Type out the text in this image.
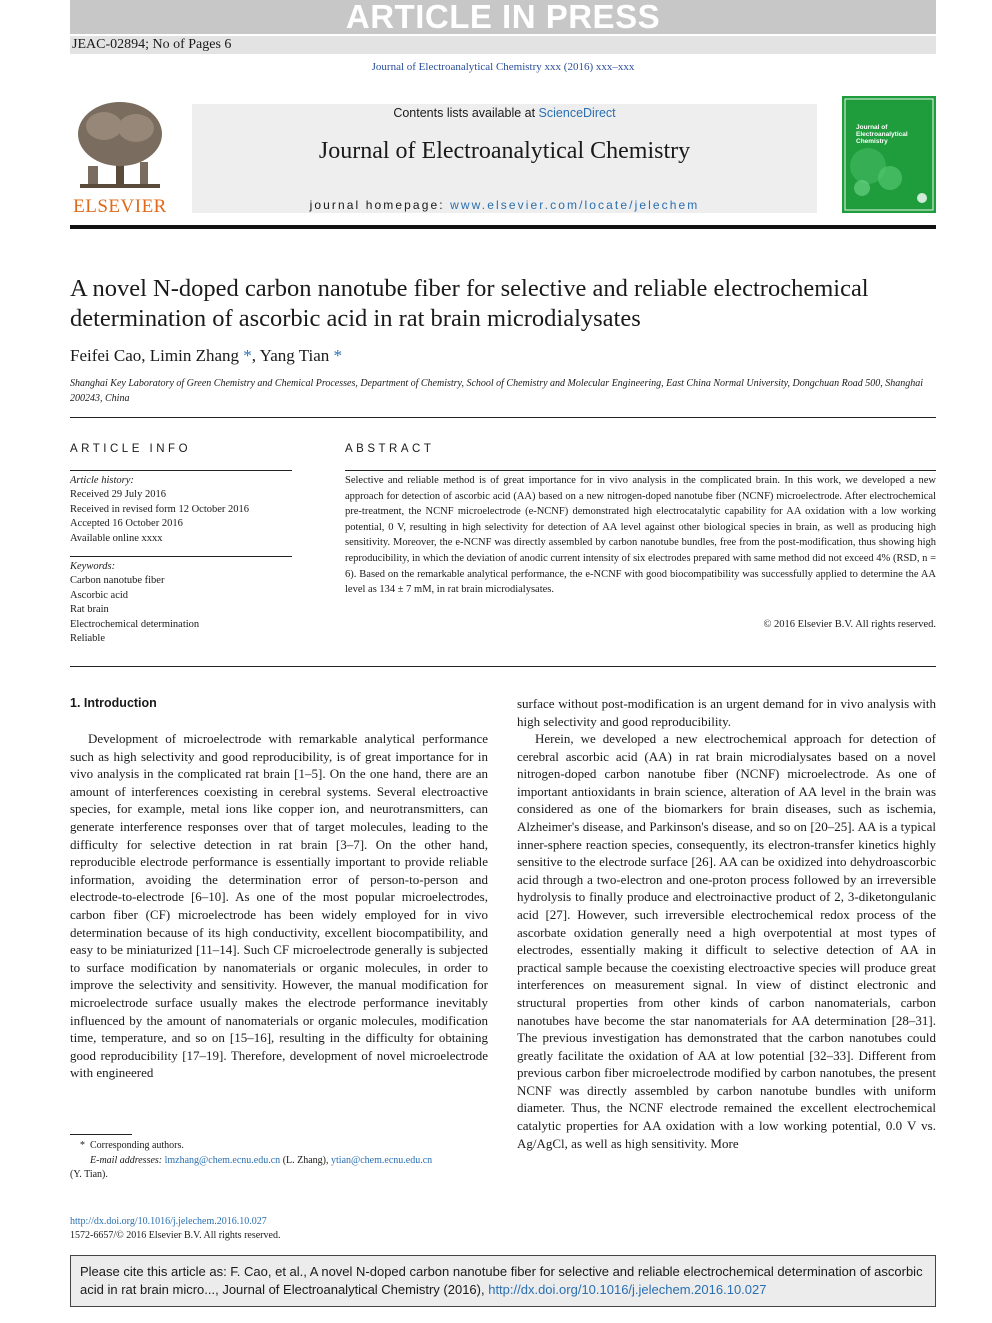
ARTICLE IN PRESS
JEAC-02894; No of Pages 6
Journal of Electroanalytical Chemistry xxx (2016) xxx–xxx
ELSEVIER
Contents lists available at ScienceDirect
Journal of Electroanalytical Chemistry
journal homepage: www.elsevier.com/locate/jelechem
Journal of Electroanalytical Chemistry
A novel N-doped carbon nanotube fiber for selective and reliable electrochemical determination of ascorbic acid in rat brain microdialysates
Feifei Cao, Limin Zhang *, Yang Tian *
Shanghai Key Laboratory of Green Chemistry and Chemical Processes, Department of Chemistry, School of Chemistry and Molecular Engineering, East China Normal University, Dongchuan Road 500, Shanghai 200243, China
ARTICLE INFO
Article history:
Received 29 July 2016
Received in revised form 12 October 2016
Accepted 16 October 2016
Available online xxxx
Keywords:
Carbon nanotube fiber
Ascorbic acid
Rat brain
Electrochemical determination
Reliable
ABSTRACT
Selective and reliable method is of great importance for in vivo analysis in the complicated brain. In this work, we developed a new approach for detection of ascorbic acid (AA) based on a new nitrogen-doped nanotube fiber (NCNF) microelectrode. After electrochemical pre-treatment, the NCNF microelectrode (e-NCNF) demonstrated high electrocatalytic capability for AA oxidation with a low working potential, 0 V, resulting in high selectivity for detection of AA level against other biological species in brain, as well as producing high sensitivity. Moreover, the e-NCNF was directly assembled by carbon nanotube bundles, free from the post-modification, thus showing high reproducibility, in which the deviation of anodic current intensity of six electrodes prepared with same method did not exceed 4% (RSD, n = 6). Based on the remarkable analytical performance, the e-NCNF with good biocompatibility was successfully applied to determine the AA level as 134 ± 7 mM, in rat brain microdialysates.
© 2016 Elsevier B.V. All rights reserved.
1. Introduction
Development of microelectrode with remarkable analytical performance such as high selectivity and good reproducibility, is of great importance for in vivo analysis in the complicated rat brain [1–5]. On the one hand, there are an amount of interferences coexisting in cerebral systems. Several electroactive species, for example, metal ions like copper ion, and neurotransmitters, can generate interference responses over that of target molecules, leading to the difficulty for selective detection in rat brain [3–7]. On the other hand, reproducible electrode performance is essentially important to provide reliable information, avoiding the determination error of person-to-person and electrode-to-electrode [6–10]. As one of the most popular microelectrodes, carbon fiber (CF) microelectrode has been widely employed for in vivo determination because of its high conductivity, excellent biocompatibility, and easy to be miniaturized [11–14]. Such CF microelectrode generally is subjected to surface modification by nanomaterials or organic molecules, in order to improve the selectivity and sensitivity. However, the manual modification for microelectrode surface usually makes the electrode performance inevitably influenced by the amount of nanomaterials or organic molecules, modification time, temperature, and so on [15–16], resulting in the difficulty for obtaining good reproducibility [17–19]. Therefore, development of novel microelectrode with engineered
surface without post-modification is an urgent demand for in vivo analysis with high selectivity and good reproducibility.
Herein, we developed a new electrochemical approach for detection of cerebral ascorbic acid (AA) in rat brain microdialysates based on a novel nitrogen-doped carbon nanotube fiber (NCNF) microelectrode. As one of important antioxidants in brain science, alteration of AA level in the brain was considered as one of the biomarkers for brain diseases, such as ischemia, Alzheimer's disease, and Parkinson's disease, and so on [20–25]. AA is a typical inner-sphere reaction species, consequently, its electron-transfer kinetics highly sensitive to the electrode surface [26]. AA can be oxidized into dehydroascorbic acid through a two-electron and one-proton process followed by an irreversible hydrolysis to finally produce and electroinactive product of 2, 3-diketongulanic acid [27]. However, such irreversible electrochemical redox process of the ascorbate oxidation generally need a high overpotential at most types of electrodes, essentially making it difficult to selective detection of AA in practical sample because the coexisting electroactive species will produce great interferences on measurement signal. In view of distinct electronic and structural properties from other kinds of carbon nanomaterials, carbon nanotubes have become the star nanomaterials for AA determination [28–31]. The previous investigation has demonstrated that the carbon nanotubes could greatly facilitate the oxidation of AA at low potential [32–33]. Different from previous carbon fiber microelectrode modified by carbon nanotubes, the present NCNF was directly assembled by carbon nanotube bundles with uniform diameter. Thus, the NCNF electrode remained the excellent electrochemical catalytic properties for AA oxidation with a low working potential, 0.0 V vs. Ag/AgCl, as well as high sensitivity. More
*  Corresponding authors.
E-mail addresses: lmzhang@chem.ecnu.edu.cn (L. Zhang), ytian@chem.ecnu.edu.cn
(Y. Tian).
http://dx.doi.org/10.1016/j.jelechem.2016.10.027
1572-6657/© 2016 Elsevier B.V. All rights reserved.
Please cite this article as: F. Cao, et al., A novel N-doped carbon nanotube fiber for selective and reliable electrochemical determination of ascorbic acid in rat brain micro..., Journal of Electroanalytical Chemistry (2016), http://dx.doi.org/10.1016/j.jelechem.2016.10.027
